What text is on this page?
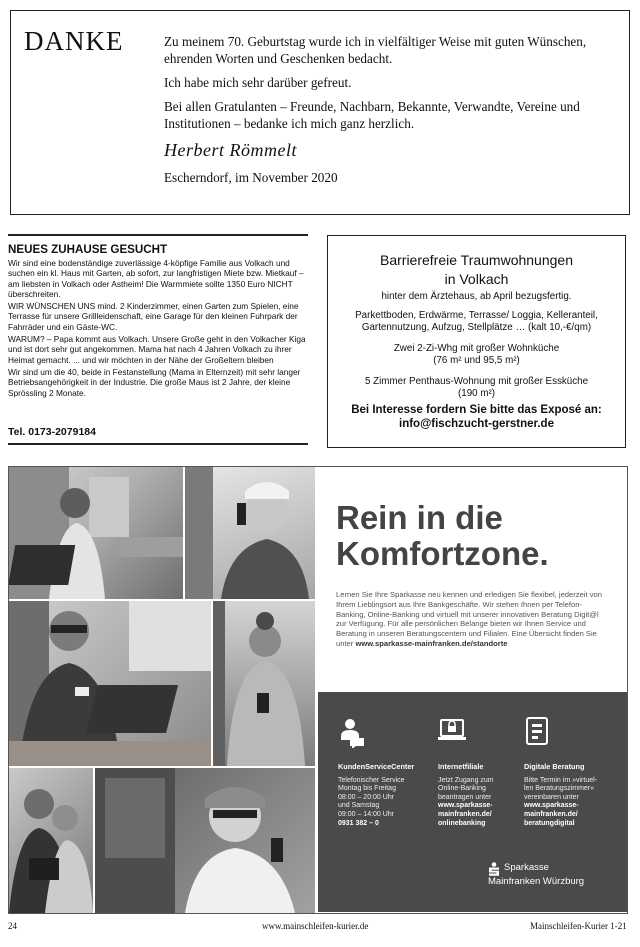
DANKE	Zu meinem 70. Geburtstag wurde ich in vielfältiger Weise mit guten Wünschen, ehrenden Worten und Geschenken bedacht.

Ich habe mich sehr darüber gefreut.

Bei allen Gratulanten – Freunde, Nachbarn, Bekannte, Verwandte, Vereine und Institutionen – bedanke ich mich ganz herzlich.

Herbert Römmelt
Escherndorf, im November 2020
NEUES ZUHAUSE GESUCHT

Wir sind eine bodenständige zuverlässige 4-köpfige Familie aus Volkach und suchen ein kl. Haus mit Garten, ab sofort, zur langfristigen Miete bzw. Mietkauf – am liebsten in Volkach oder Astheim! Die Warmmiete sollte 1350 Euro NICHT überschreiten.

WIR WÜNSCHEN UNS mind. 2 Kinderzimmer, einen Garten zum Spielen, eine Terrasse für unsere Grillleidenschaft, eine Garage für den kleinen Fuhrpark der Fahrräder und ein Gäste-WC.

WARUM? – Papa kommt aus Volkach. Unsere Große geht in den Volkacher Kiga und ist dort sehr gut angekommen. Mama hat nach 4 Jahren Volkach zu ihrer Heimat gemacht. ... und wir möchten in der Nähe der Großeltern bleiben

Wir sind um die 40, beide in Festanstellung (Mama in Elternzeit) mit sehr langer Betriebsangehörigkeit in der Industrie. Die große Maus ist 2 Jahre, der kleine Sprössling 2 Monate.

Tel. 0173-2079184
Barrierefreie Traumwohnungen
in Volkach
hinter dem Ärztehaus, ab April bezugsfertig.
Parkettboden, Erdwärme, Terrasse/ Loggia, Kelleranteil,
Gartennutzung, Aufzug, Stellplätze … (kalt 10,-€/qm)
Zwei 2-Zi-Whg mit großer Wohnküche
(76 m² und 95,5 m²)
5 Zimmer Penthaus-Wohnung mit großer Essküche
(190 m²)
Bei Interesse fordern Sie bitte das Exposé an:
info@fischzucht-gerstner.de
Rein in die
Komfortzone.
Lernen Sie Ihre Sparkasse neu kennen und erledigen Sie flexibel, jederzeit von Ihrem Lieblingsort aus Ihre Bankgeschäfte. Wir stehen Ihnen per Telefon-Banking, Online-Banking und virtuell mit unserer innovativen Beratung Digit@l zur Verfügung. Für alle persönlichen Belange bieten wir Ihnen Service und Beratung in unseren Beratungscentern und Filialen. Eine Übersicht finden Sie unter www.sparkasse-mainfranken.de/standorte
KundenServiceCenter
Telefonischer Service
Montag bis Freitag
08:00 – 20:00 Uhr
und Samstag
09:00 – 14:00 Uhr
0931 382 – 0
Internetfiliale
Jetzt Zugang zum
Online-Banking
beantragen unter
www.sparkasse-
mainfranken.de/
onlinebanking
Digitale Beratung
Bitte Termin im »virtuel-
len Beratungszimmer«
vereinbaren unter
www.sparkasse-
mainfranken.de/
beratungdigital
Sparkasse
Mainfranken Würzburg
24	www.mainschleifen-kurier.de	Mainschleifen-Kurier 1-21
